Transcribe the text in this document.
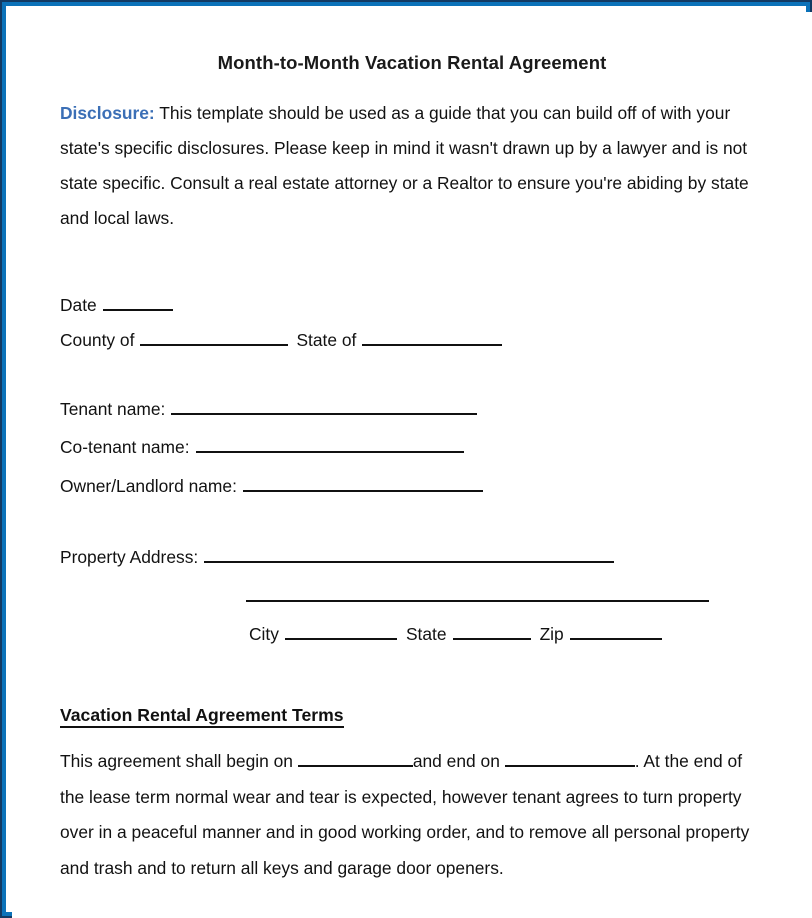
Month-to-Month Vacation Rental Agreement

Disclosure: This template should be used as a guide that you can build off of with your state's specific disclosures. Please keep in mind it wasn't drawn up by a lawyer and is not state specific. Consult a real estate attorney or a Realtor to ensure you're abiding by state and local laws.

Date
County of	State of
Tenant name:
Co-tenant name:
Owner/Landlord name:
Property Address:
City	State	Zip
Vacation Rental Agreement Terms

This agreement shall begin on	and end on	. At the end of the lease term normal wear and tear is expected, however tenant agrees to turn property over in a peaceful manner and in good working order, and to remove all personal property and trash and to return all keys and garage door openers.
